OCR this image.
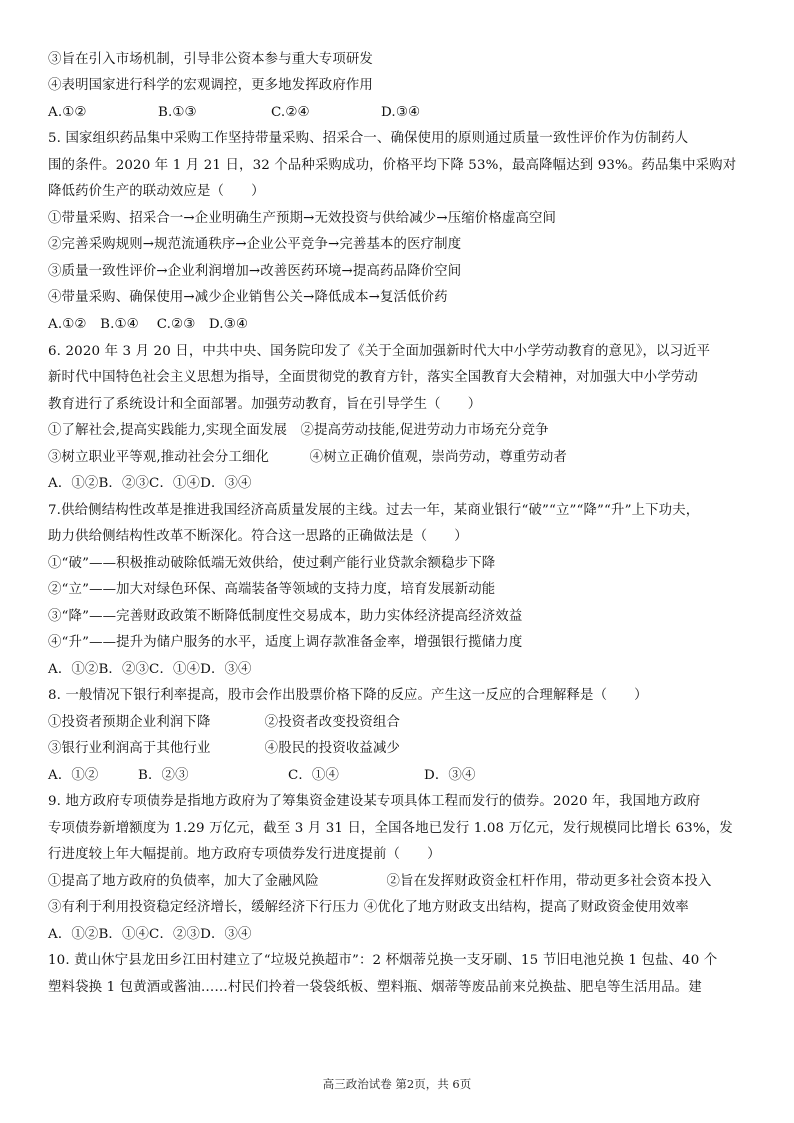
③旨在引入市场机制，引导非公资本参与重大专项研发
④表明国家进行科学的宏观调控，更多地发挥政府作用
A.①②	B.①③	C.②④	D.③④
5. 国家组织药品集中采购工作坚持带量采购、招采合一、确保使用的原则通过质量一致性评价作为仿制药人
围的条件。2020 年 1 月 21 日，32 个品种采购成功，价格平均下降 53%，最高降幅达到 93%。药品集中采购对
降低药价生产的联动效应是（　　）
①带量采购、招采合一→企业明确生产预期→无效投资与供给减少→压缩价格虚高空间
②完善采购规则→规范流通秩序→企业公平竞争→完善基本的医疗制度
③质量一致性评价→企业利润增加→改善医药环境→提高药品降价空间
④带量采购、确保使用→减少企业销售公关→降低成本→复活低价药
A.①②　B.①④　 C.②③　D.③④
6. 2020 年 3 月 20 日，中共中央、国务院印发了《关于全面加强新时代大中小学劳动教育的意见》，以习近平
新时代中国特色社会主义思想为指导，全面贯彻党的教育方针，落实全国教育大会精神，对加强大中小学劳动
教育进行了系统设计和全面部署。加强劳动教育，旨在引导学生（　　）
①了解社会,提高实践能力,实现全面发展　②提高劳动技能,促进劳动力市场充分竞争
③树立职业平等观,推动社会分工细化　　　④树立正确价值观，崇尚劳动，尊重劳动者
A．①②B．②③C．①④D．③④
7.供给侧结构性改革是推进我国经济高质量发展的主线。过去一年，某商业银行“破”“立”“降”“升”上下功夫，
助力供给侧结构性改革不断深化。符合这一思路的正确做法是（　　）
①“破”——积极推动破除低端无效供给，使过剩产能行业贷款余额稳步下降
②“立”——加大对绿色环保、高端装备等领域的支持力度，培育发展新动能
③“降”——完善财政政策不断降低制度性交易成本，助力实体经济提高经济效益
④“升”——提升为储户服务的水平，适度上调存款准备金率，增强银行揽储力度
A．①②B．②③C．①④D．③④
8. 一般情况下银行利率提高，股市会作出股票价格下降的反应。产生这一反应的合理解释是（　　）
①投资者预期企业利润下降　　　　②投资者改变投资组合
③银行业利润高于其他行业　　　　④股民的投资收益减少
A．①②	B．②③	C．①④	D．③④
9. 地方政府专项债券是指地方政府为了筹集资金建设某专项具体工程而发行的债券。2020 年，我国地方政府
专项债券新增额度为 1.29 万亿元，截至 3 月 31 日，全国各地已发行 1.08 万亿元，发行规模同比增长 63%，发
行进度较上年大幅提前。地方政府专项债券发行进度提前（　　）
①提高了地方政府的负债率，加大了金融风险　　　　　②旨在发挥财政资金杠杆作用，带动更多社会资本投入
③有利于利用投资稳定经济增长，缓解经济下行压力 ④优化了地方财政支出结构，提高了财政资金使用效率
A．①②B．①④C．②③D．③④
10. 黄山休宁县龙田乡江田村建立了“垃圾兑换超市”：2 杯烟蒂兑换一支牙刷、15 节旧电池兑换 1 包盐、40 个
塑料袋换 1 包黄酒或酱油……村民们拎着一袋袋纸板、塑料瓶、烟蒂等废品前来兑换盐、肥皂等生活用品。建
高三政治试卷 第2页，共 6页
